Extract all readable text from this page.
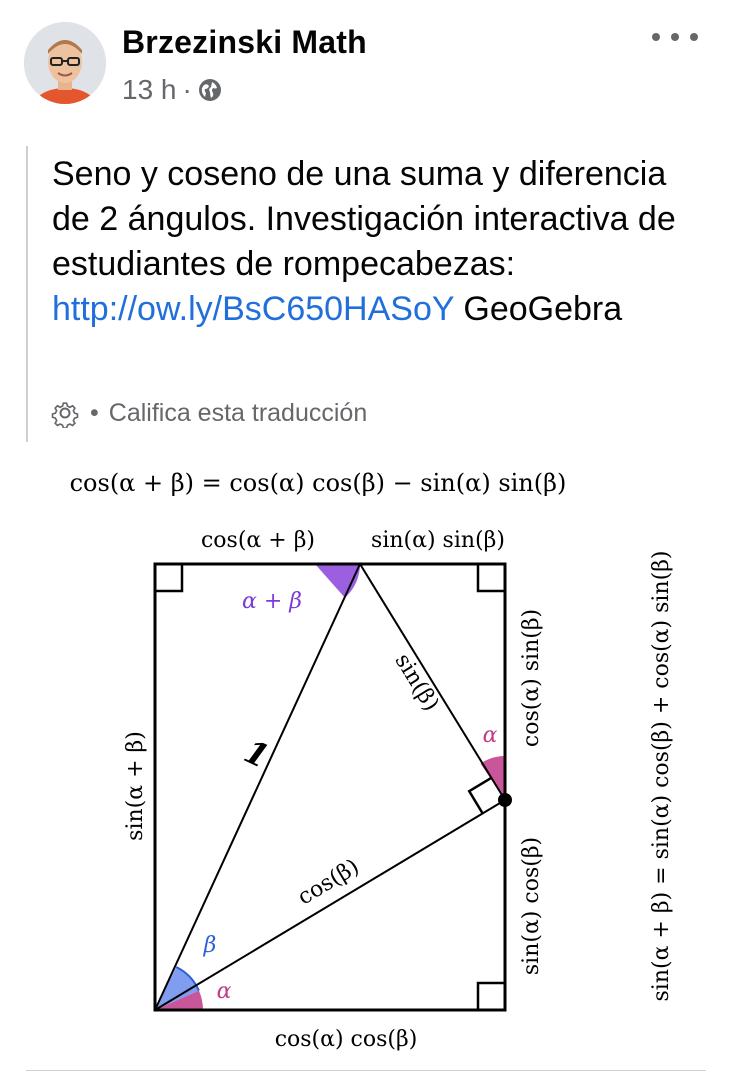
Brzezinski Math
13 h ·
Seno y coseno de una suma y diferencia de 2 ángulos. Investigación interactiva de estudiantes de rompecabezas: http://ow.ly/BsC650HASoY GeoGebra
• Califica esta traducción
cos(α + β) = cos(α) cos(β) − sin(α) sin(β)
cos(α + β)	sin(α) sin(β)
cos(α) cos(β)
sin(α + β)
cos(α) sin(β)
sin(α) cos(β)	sin(α + β) = sin(α) cos(β) + cos(α) sin(β)
1
sin(β)
cos(β)
α + β
α
β
α
